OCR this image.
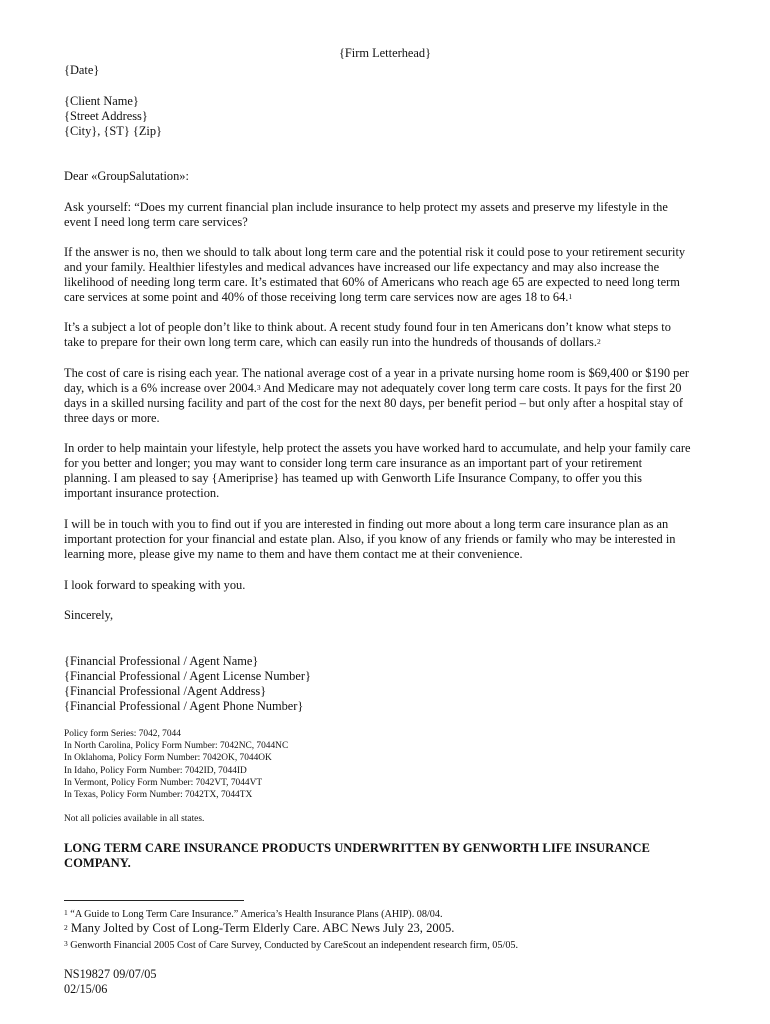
{Firm Letterhead}
{Date}
{Client Name}
{Street Address}
{City}, {ST} {Zip}
Dear «GroupSalutation»:
Ask yourself: “Does my current financial plan include insurance to help protect my assets and preserve my lifestyle in the
event I need long term care services?
If the answer is no, then we should to talk about long term care and the potential risk it could pose to your retirement security
and your family. Healthier lifestyles and medical advances have increased our life expectancy and may also increase the
likelihood of needing long term care. It’s estimated that 60% of Americans who reach age 65 are expected to need long term
care services at some point and 40% of those receiving long term care services now are ages 18 to 64.$^1$
It’s a subject a lot of people don’t like to think about. A recent study found four in ten Americans don’t know what steps to
take to prepare for their own long term care, which can easily run into the hundreds of thousands of dollars.$^2$
The cost of care is rising each year. The national average cost of a year in a private nursing home room is $69,400 or $190 per
day, which is a 6% increase over 2004.$^3$ And Medicare may not adequately cover long term care costs. It pays for the first 20
days in a skilled nursing facility and part of the cost for the next 80 days, per benefit period – but only after a hospital stay of
three days or more.
In order to help maintain your lifestyle, help protect the assets you have worked hard to accumulate, and help your family care
for you better and longer; you may want to consider long term care insurance as an important part of your retirement
planning. I am pleased to say {Ameriprise} has teamed up with Genworth Life Insurance Company, to offer you this
important insurance protection.
I will be in touch with you to find out if you are interested in finding out more about a long term care insurance plan as an
important protection for your financial and estate plan. Also, if you know of any friends or family who may be interested in
learning more, please give my name to them and have them contact me at their convenience.
I look forward to speaking with you.
Sincerely,
{Financial Professional / Agent Name}
{Financial Professional / Agent License Number}
{Financial Professional /Agent Address}
{Financial Professional / Agent Phone Number}
Policy form Series: 7042, 7044
In North Carolina, Policy Form Number: 7042NC, 7044NC
In Oklahoma, Policy Form Number: 7042OK, 7044OK
In Idaho, Policy Form Number: 7042ID, 7044ID
In Vermont, Policy Form Number: 7042VT, 7044VT
In Texas, Policy Form Number: 7042TX, 7044TX
Not all policies available in all states.
LONG TERM CARE INSURANCE PRODUCTS UNDERWRITTEN BY GENWORTH LIFE INSURANCE
COMPANY.
$^1$ “A Guide to Long Term Care Insurance.” America’s Health Insurance Plans (AHIP). 08/04.
$^2$ Many Jolted by Cost of Long-Term Elderly Care. ABC News July 23, 2005.
$^3$ Genworth Financial 2005 Cost of Care Survey, Conducted by CareScout an independent research firm, 05/05.
NS19827 09/07/05
02/15/06
